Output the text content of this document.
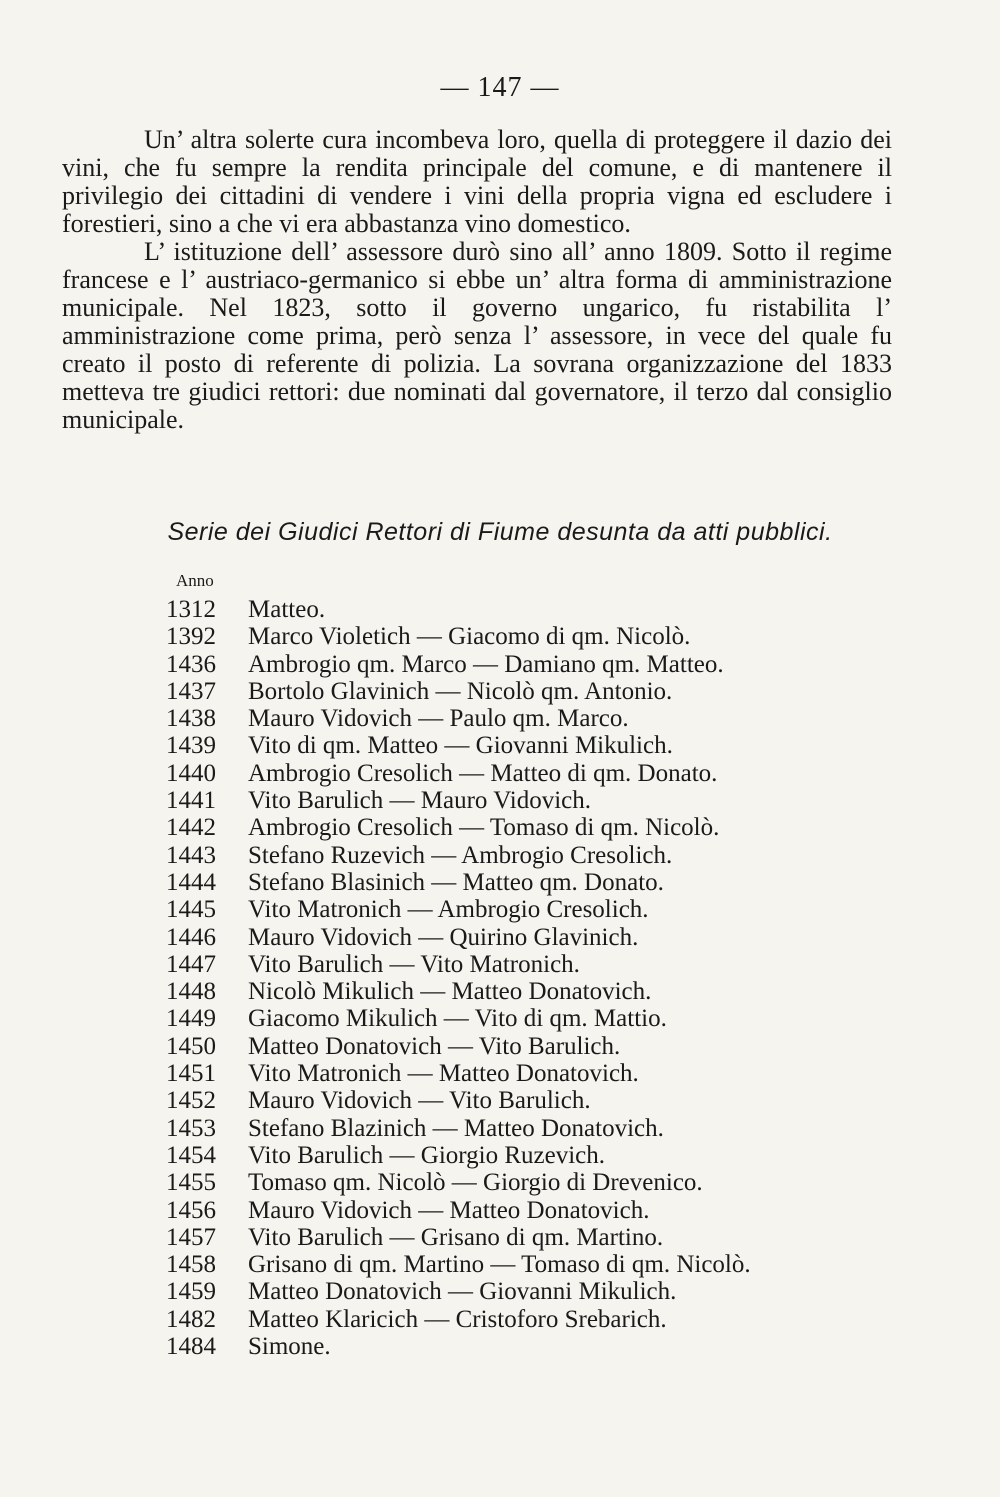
— 147 —

Un’ altra solerte cura incombeva loro, quella di proteggere il dazio dei vini, che fu sempre la rendita principale del comune, e di mantenere il privilegio dei cittadini di vendere i vini della propria vigna ed escludere i forestieri, sino a che vi era abbastanza vino domestico.

L’ istituzione dell’ assessore durò sino all’ anno 1809. Sotto il regime francese e l’ austriaco-germanico si ebbe un’ altra forma di amministrazione municipale. Nel 1823, sotto il governo ungarico, fu ristabilita l’ amministrazione come prima, però senza l’ assessore, in vece del quale fu creato il posto di referente di polizia. La sovrana organizzazione del 1833 metteva tre giudici rettori: due nominati dal governatore, il terzo dal consiglio municipale.

Serie dei Giudici Rettori di Fiume desunta da atti pubblici.
Anno
1312	Matteo.
1392	Marco Violetich — Giacomo di qm. Nicolò.
1436	Ambrogio qm. Marco — Damiano qm. Matteo.
1437	Bortolo Glavinich — Nicolò qm. Antonio.
1438	Mauro Vidovich — Paulo qm. Marco.
1439	Vito di qm. Matteo — Giovanni Mikulich.
1440	Ambrogio Cresolich — Matteo di qm. Donato.
1441	Vito Barulich — Mauro Vidovich.
1442	Ambrogio Cresolich — Tomaso di qm. Nicolò.
1443	Stefano Ruzevich — Ambrogio Cresolich.
1444	Stefano Blasinich — Matteo qm. Donato.
1445	Vito Matronich — Ambrogio Cresolich.
1446	Mauro Vidovich — Quirino Glavinich.
1447	Vito Barulich — Vito Matronich.
1448	Nicolò Mikulich — Matteo Donatovich.
1449	Giacomo Mikulich — Vito di qm. Mattio.
1450	Matteo Donatovich — Vito Barulich.
1451	Vito Matronich — Matteo Donatovich.
1452	Mauro Vidovich — Vito Barulich.
1453	Stefano Blazinich — Matteo Donatovich.
1454	Vito Barulich — Giorgio Ruzevich.
1455	Tomaso qm. Nicolò — Giorgio di Drevenico.
1456	Mauro Vidovich — Matteo Donatovich.
1457	Vito Barulich — Grisano di qm. Martino.
1458	Grisano di qm. Martino — Tomaso di qm. Nicolò.
1459	Matteo Donatovich — Giovanni Mikulich.
1482	Matteo Klaricich — Cristoforo Srebarich.
1484	Simone.
